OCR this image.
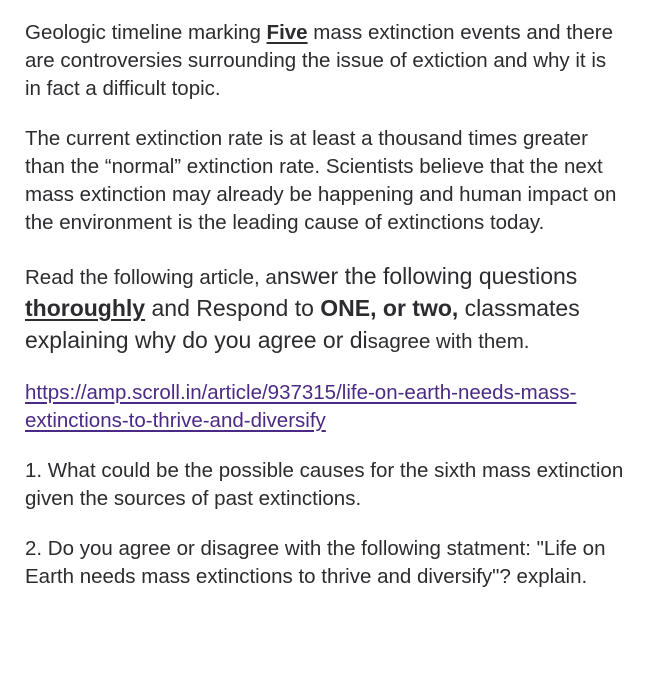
Geologic timeline marking Five mass extinction events and there are controversies surrounding the issue of extiction and why it is in fact a difficult topic.

The current extinction rate is at least a thousand times greater than the “normal” extinction rate. Scientists believe that the next mass extinction may already be happening and human impact on the environment is the leading cause of extinctions today.

Read the following article, answer the following questions thoroughly and Respond to ONE, or two, classmates explaining why do you agree or disagree with them.

https://amp.scroll.in/article/937315/life-on-earth-needs-mass-extinctions-to-thrive-and-diversify

1. What could be the possible causes for the sixth mass extinction given the sources of past extinctions.

2. Do you agree or disagree with the following statment: "Life on Earth needs mass extinctions to thrive and diversify"? explain.
